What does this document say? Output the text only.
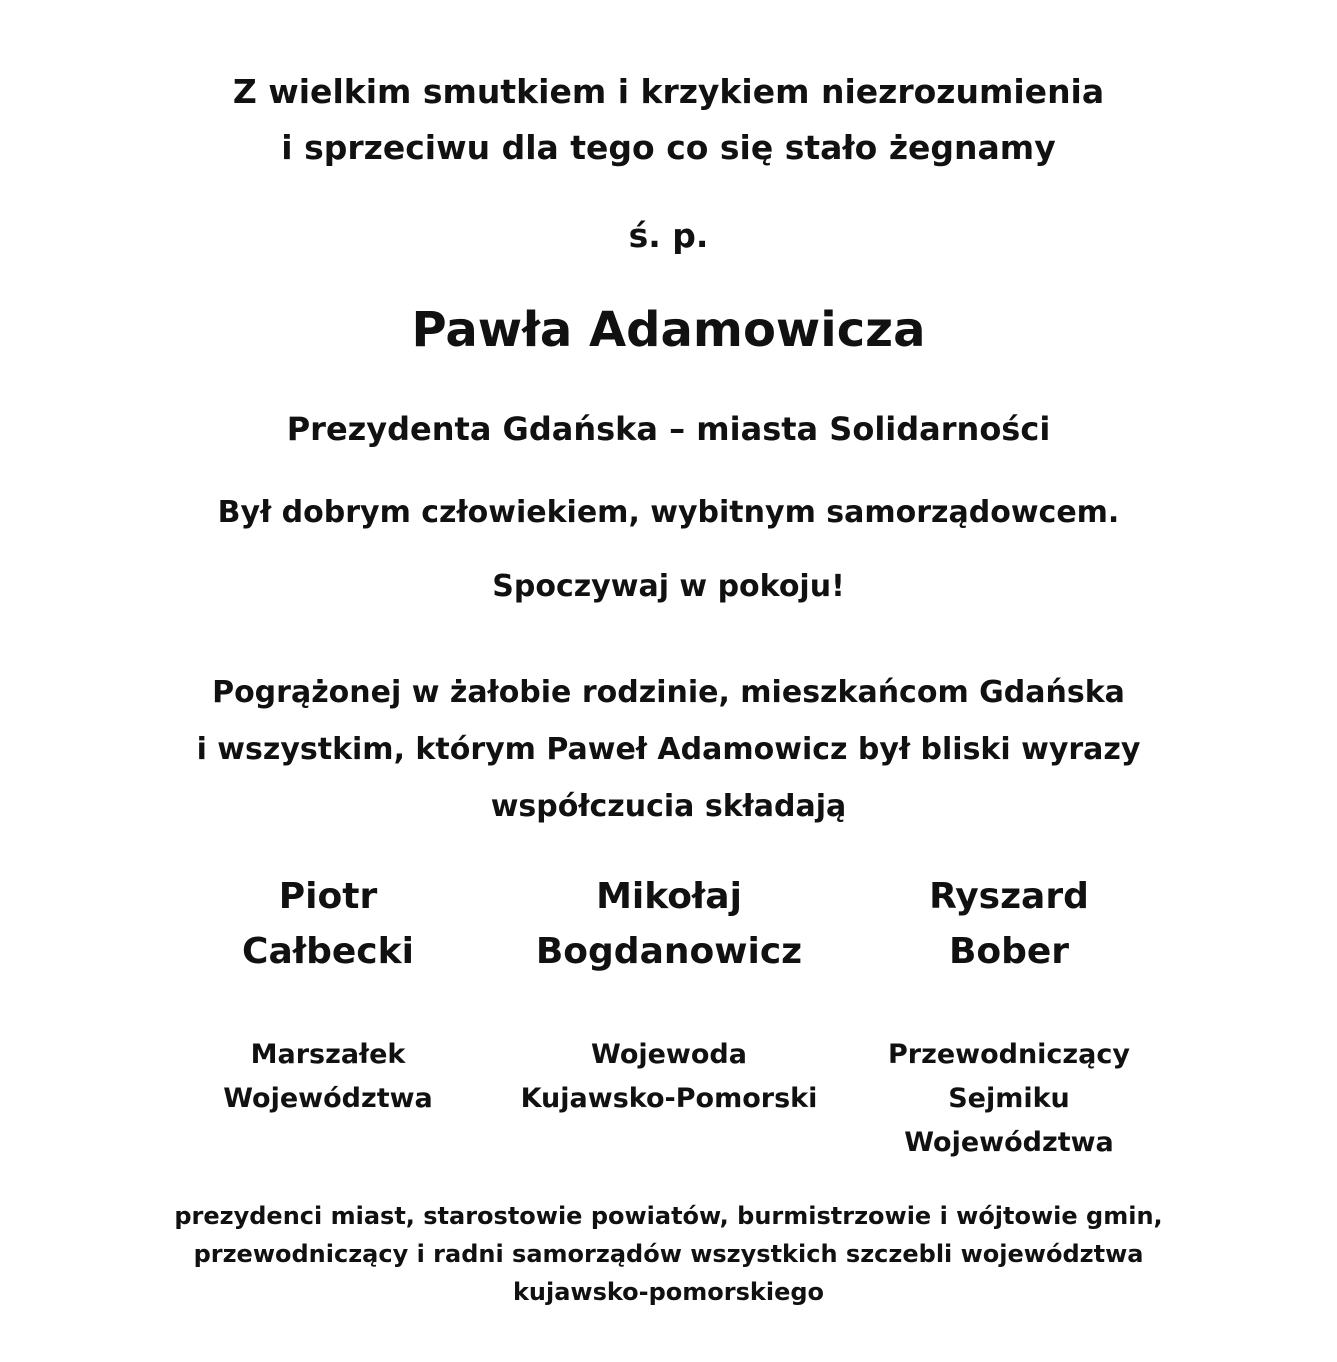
Z wielkim smutkiem i krzykiem niezrozumienia
i sprzeciwu dla tego co się stało żegnamy
ś. p.
Pawła Adamowicza
Prezydenta Gdańska – miasta Solidarności
Był dobrym człowiekiem, wybitnym samorządowcem.
Spoczywaj w pokoju!
Pogrążonej w żałobie rodzinie, mieszkańcom Gdańska
i wszystkim, którym Paweł Adamowicz był bliski wyrazy
współczucia składają
Piotr
Całbecki
Marszałek
Województwa
Mikołaj
Bogdanowicz
Wojewoda
Kujawsko-Pomorski
Ryszard
Bober
Przewodniczący
Sejmiku
Województwa
prezydenci miast, starostowie powiatów, burmistrzowie i wójtowie gmin,
przewodniczący i radni samorządów wszystkich szczebli województwa
kujawsko-pomorskiego
